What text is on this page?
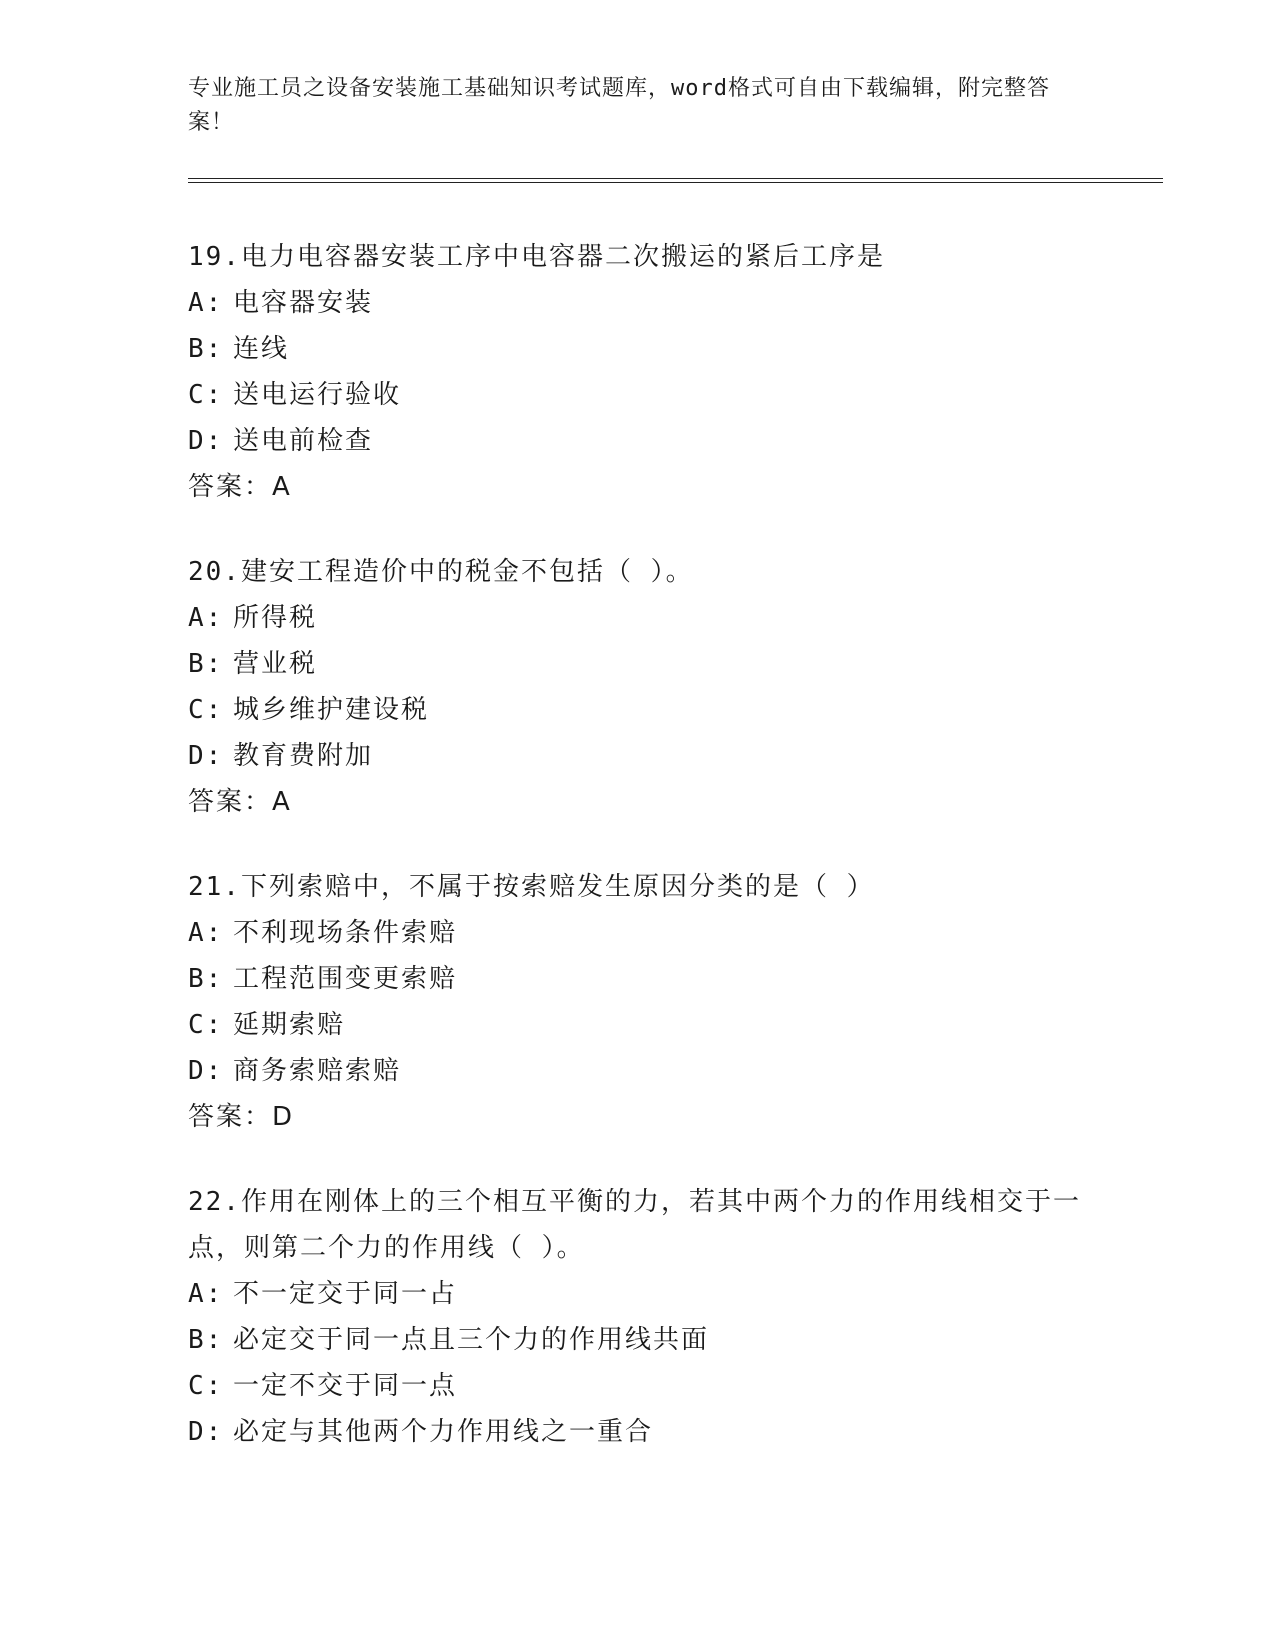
专业施工员之设备安装施工基础知识考试题库，word格式可自由下载编辑，附完整答案！
19.电力电容器安装工序中电容器二次搬运的紧后工序是
A: 电容器安装
B: 连线
C: 送电运行验收
D: 送电前检查
答案：A
20.建安工程造价中的税金不包括（ ）。
A: 所得税
B: 营业税
C: 城乡维护建设税
D: 教育费附加
答案：A
21.下列索赔中，不属于按索赔发生原因分类的是（ ）
A: 不利现场条件索赔
B: 工程范围变更索赔
C: 延期索赔
D: 商务索赔索赔
答案：D
22.作用在刚体上的三个相互平衡的力，若其中两个力的作用线相交于一点，则第二个力的作用线（ ）。
A: 不一定交于同一占
B: 必定交于同一点且三个力的作用线共面
C: 一定不交于同一点
D: 必定与其他两个力作用线之一重合
